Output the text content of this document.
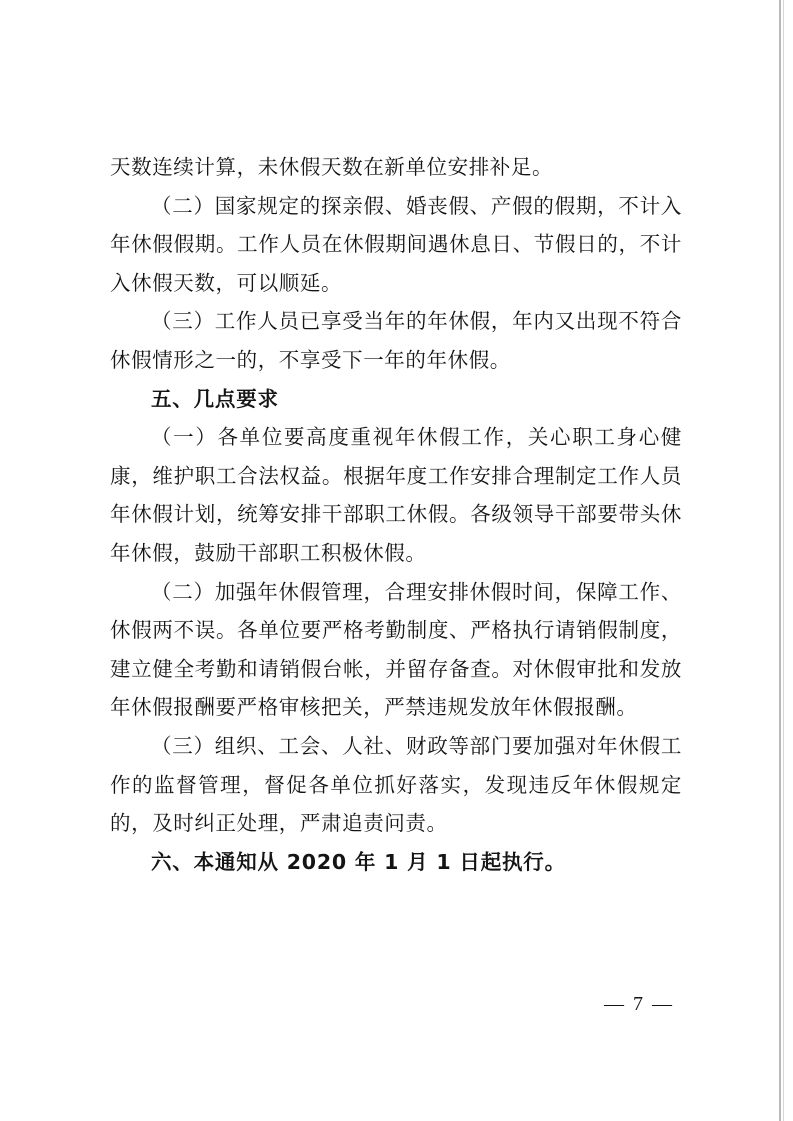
天数连续计算，未休假天数在新单位安排补足。

（二）国家规定的探亲假、婚丧假、产假的假期，不计入年休假假期。工作人员在休假期间遇休息日、节假日的，不计入休假天数，可以顺延。

（三）工作人员已享受当年的年休假，年内又出现不符合休假情形之一的，不享受下一年的年休假。

五、几点要求

（一）各单位要高度重视年休假工作，关心职工身心健康，维护职工合法权益。根据年度工作安排合理制定工作人员年休假计划，统筹安排干部职工休假。各级领导干部要带头休年休假，鼓励干部职工积极休假。

（二）加强年休假管理，合理安排休假时间，保障工作、休假两不误。各单位要严格考勤制度、严格执行请销假制度，建立健全考勤和请销假台帐，并留存备查。对休假审批和发放年休假报酬要严格审核把关，严禁违规发放年休假报酬。

（三）组织、工会、人社、财政等部门要加强对年休假工作的监督管理，督促各单位抓好落实，发现违反年休假规定的，及时纠正处理，严肃追责问责。

六、本通知从 2020 年 1 月 1 日起执行。

— 7 —
